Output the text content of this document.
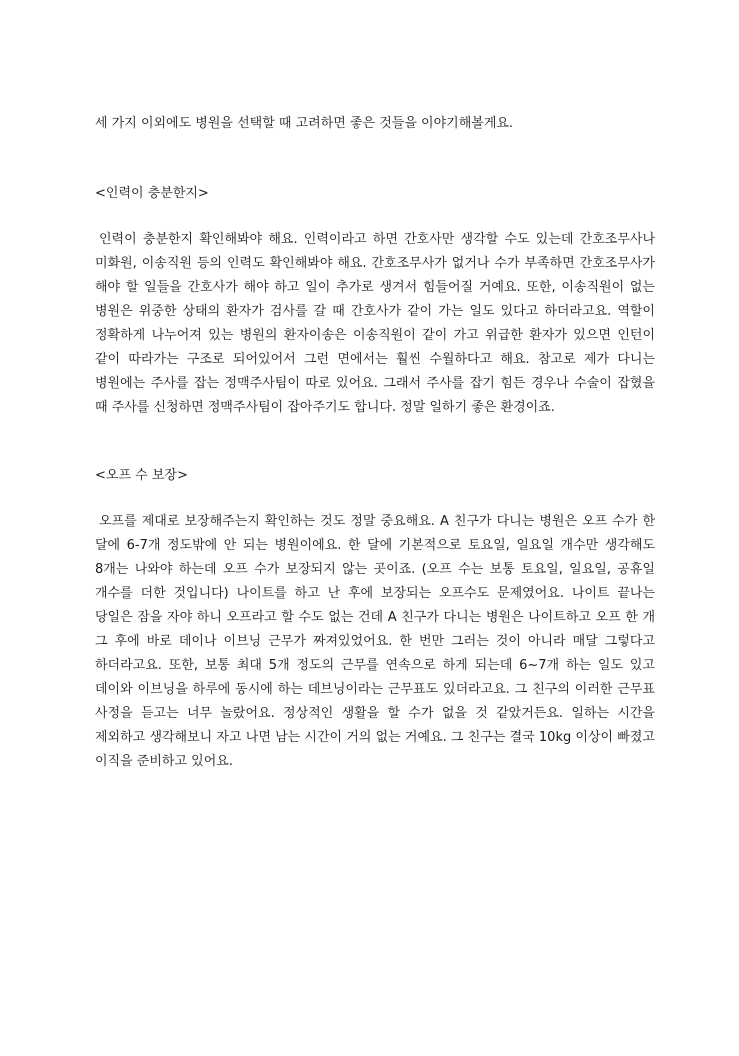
세 가지 이외에도 병원을 선택할 때 고려하면 좋은 것들을 이야기해볼게요.

<인력이 충분한지>

인력이 충분한지 확인해봐야 해요. 인력이라고 하면 간호사만 생각할 수도 있는데 간호조무사나 미화원, 이송직원 등의 인력도 확인해봐야 해요. 간호조무사가 없거나 수가 부족하면 간호조무사가 해야 할 일들을 간호사가 해야 하고 일이 추가로 생겨서 힘들어질 거예요. 또한, 이송직원이 없는 병원은 위중한 상태의 환자가 검사를 갈 때 간호사가 같이 가는 일도 있다고 하더라고요. 역할이 정확하게 나누어져 있는 병원의 환자이송은 이송직원이 같이 가고 위급한 환자가 있으면 인턴이 같이 따라가는 구조로 되어있어서 그런 면에서는 훨씬 수월하다고 해요. 참고로 제가 다니는 병원에는 주사를 잡는 정맥주사팀이 따로 있어요. 그래서 주사를 잡기 힘든 경우나 수술이 잡혔을 때 주사를 신청하면 정맥주사팀이 잡아주기도 합니다. 정말 일하기 좋은 환경이죠.

<오프 수 보장>

오프를 제대로 보장해주는지 확인하는 것도 정말 중요해요. A 친구가 다니는 병원은 오프 수가 한 달에 6-7개 정도밖에 안 되는 병원이에요. 한 달에 기본적으로 토요일, 일요일 개수만 생각해도 8개는 나와야 하는데 오프 수가 보장되지 않는 곳이죠. (오프 수는 보통 토요일, 일요일, 공휴일 개수를 더한 것입니다) 나이트를 하고 난 후에 보장되는 오프수도 문제였어요. 나이트 끝나는 당일은 잠을 자야 하니 오프라고 할 수도 없는 건데 A 친구가 다니는 병원은 나이트하고 오프 한 개 그 후에 바로 데이나 이브닝 근무가 짜져있었어요. 한 번만 그러는 것이 아니라 매달 그렇다고 하더라고요. 또한, 보통 최대 5개 정도의 근무를 연속으로 하게 되는데 6~7개 하는 일도 있고 데이와 이브닝을 하루에 동시에 하는 데브닝이라는 근무표도 있더라고요. 그 친구의 이러한 근무표 사정을 듣고는 너무 놀랐어요. 정상적인 생활을 할 수가 없을 것 같았거든요. 일하는 시간을 제외하고 생각해보니 자고 나면 남는 시간이 거의 없는 거예요. 그 친구는 결국 10kg 이상이 빠졌고 이직을 준비하고 있어요.
